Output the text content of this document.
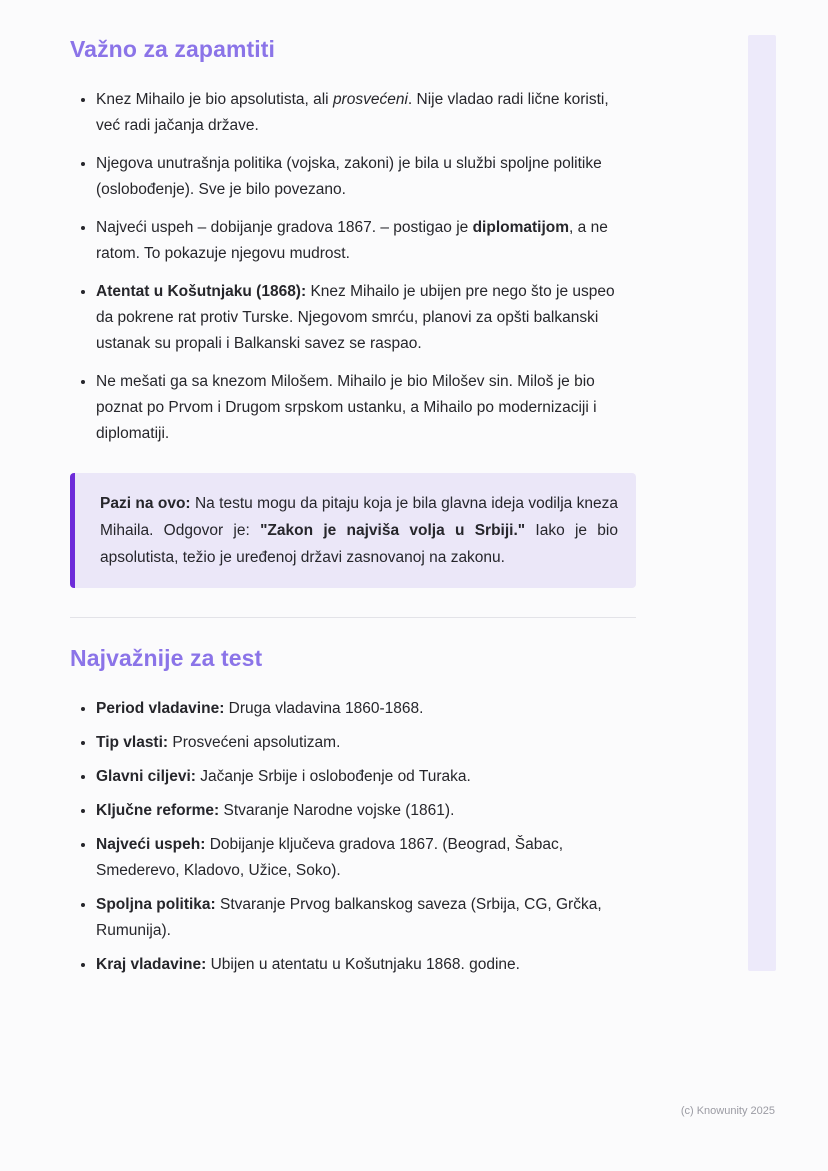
Važno za zapamtiti
• Knez Mihailo je bio apsolutista, ali prosvećeni. Nije vladao radi lične koristi, već radi jačanja države.
• Njegova unutrašnja politika (vojska, zakoni) je bila u službi spoljne politike (oslobođenje). Sve je bilo povezano.
• Najveći uspeh – dobijanje gradova 1867. – postigao je diplomatijom, a ne ratom. To pokazuje njegovu mudrost.
• Atentat u Košutnjaku (1868): Knez Mihailo je ubijen pre nego što je uspeo da pokrene rat protiv Turske. Njegovom smrću, planovi za opšti balkanski ustanak su propali i Balkanski savez se raspao.
• Ne mešati ga sa knezom Milošem. Mihailo je bio Milošev sin. Miloš je bio poznat po Prvom i Drugom srpskom ustanku, a Mihailo po modernizaciji i diplomatiji.

Pazi na ovo: Na testu mogu da pitaju koja je bila glavna ideja vodilja kneza Mihaila. Odgovor je: "Zakon je najviša volja u Srbiji." Iako je bio apsolutista, težio je uređenoj državi zasnovanoj na zakonu.

Najvažnije za test
• Period vladavine: Druga vladavina 1860-1868.
• Tip vlasti: Prosvećeni apsolutizam.
• Glavni ciljevi: Jačanje Srbije i oslobođenje od Turaka.
• Ključne reforme: Stvaranje Narodne vojske (1861).
• Najveći uspeh: Dobijanje ključeva gradova 1867. (Beograd, Šabac, Smederevo, Kladovo, Užice, Soko).
• Spoljna politika: Stvaranje Prvog balkanskog saveza (Srbija, CG, Grčka, Rumunija).
• Kraj vladavine: Ubijen u atentatu u Košutnjaku 1868. godine.
(c) Knowunity 2025
